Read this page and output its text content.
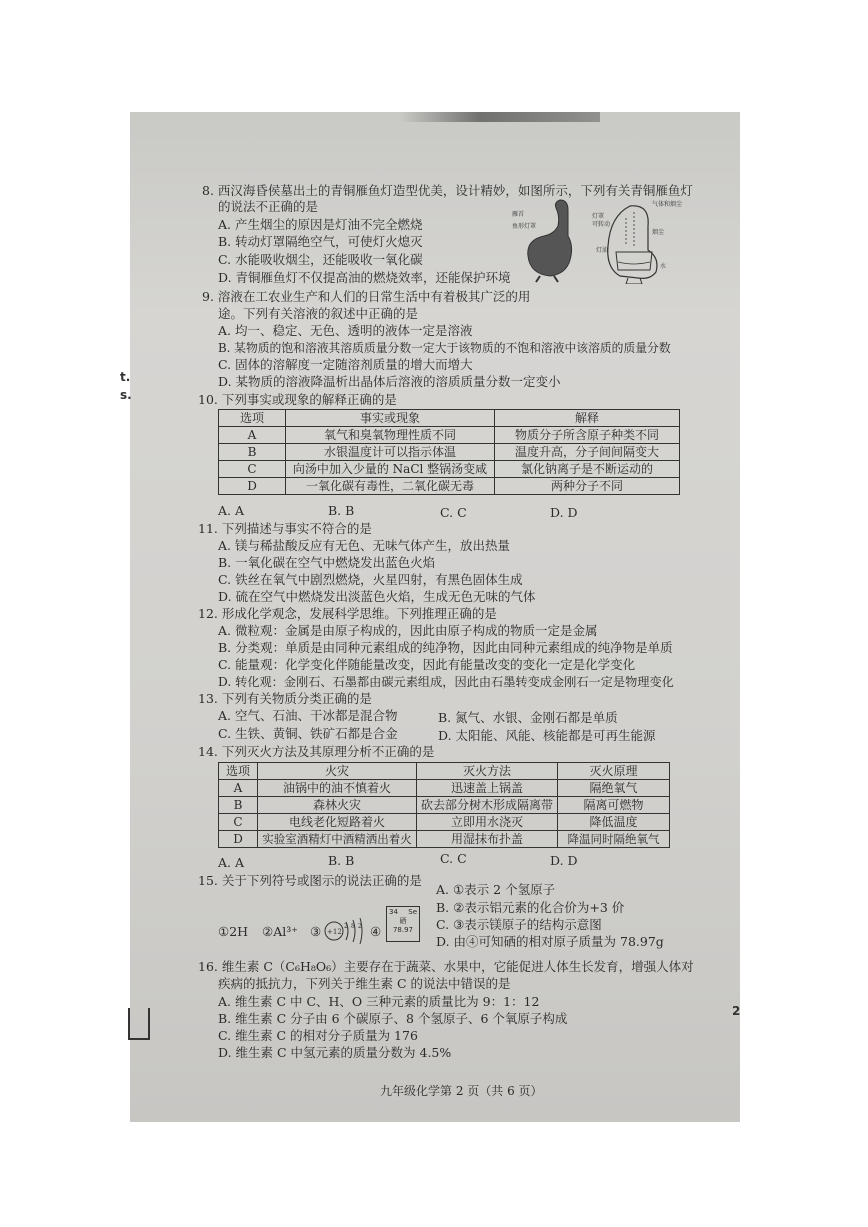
t.
s.
2
8. 西汉海昏侯墓出土的青铜雁鱼灯造型优美，设计精妙，如图所示，下列有关青铜雁鱼灯
的说法不正确的是
A. 产生烟尘的原因是灯油不完全燃烧
B. 转动灯罩隔绝空气，可使灯火熄灭
C. 水能吸收烟尘，还能吸收一氧化碳
D. 青铜雁鱼灯不仅提高油的燃烧效率，还能保护环境
雁首
鱼形灯罩
灯罩
可转动
气体和烟尘
烟尘
灯油
水
9. 溶液在工农业生产和人们的日常生活中有着极其广泛的用
途。下列有关溶液的叙述中正确的是
A. 均一、稳定、无色、透明的液体一定是溶液
B. 某物质的饱和溶液其溶质质量分数一定大于该物质的不饱和溶液中该溶质的质量分数
C. 固体的溶解度一定随溶剂质量的增大而增大
D. 某物质的溶液降温析出晶体后溶液的溶质质量分数一定变小
10. 下列事实或现象的解释正确的是
选项	事实或现象	解释
A	氧气和臭氧物理性质不同	物质分子所含原子种类不同
B	水银温度计可以指示体温	温度升高，分子间间隔变大
C	向汤中加入少量的 NaCl 整锅汤变咸	氯化钠离子是不断运动的
D	一氧化碳有毒性，二氧化碳无毒	两种分子不同
A. A	B. B	C. C	D. D
11. 下列描述与事实不符合的是
A. 镁与稀盐酸反应有无色、无味气体产生，放出热量
B. 一氧化碳在空气中燃烧发出蓝色火焰
C. 铁丝在氧气中剧烈燃烧，火星四射，有黑色固体生成
D. 硫在空气中燃烧发出淡蓝色火焰，生成无色无味的气体
12. 形成化学观念，发展科学思维。下列推理正确的是
A. 微粒观：金属是由原子构成的，因此由原子构成的物质一定是金属
B. 分类观：单质是由同种元素组成的纯净物，因此由同种元素组成的纯净物是单质
C. 能量观：化学变化伴随能量改变，因此有能量改变的变化一定是化学变化
D. 转化观：金刚石、石墨都由碳元素组成，因此由石墨转变成金刚石一定是物理变化
13. 下列有关物质分类正确的是
A. 空气、石油、干冰都是混合物	B. 氮气、水银、金刚石都是单质
C. 生铁、黄铜、铁矿石都是合金	D. 太阳能、风能、核能都是可再生能源
14. 下列灭火方法及其原理分析不正确的是
选项	火灾	灭火方法	灭火原理
A	油锅中的油不慎着火	迅速盖上锅盖	隔绝氧气
B	森林火灾	砍去部分树木形成隔离带	隔离可燃物
C	电线老化短路着火	立即用水浇灭	降低温度
D	实验室酒精灯中酒精洒出着火	用湿抹布扑盖	降温同时隔绝氧气
A. A	B. B	C. C	D. D
15. 关于下列符号或图示的说法正确的是
A. ①表示 2 个氢原子
B. ②表示铝元素的化合价为+3 价
C. ③表示镁原子的结构示意图
D. 由④可知硒的相对原子质量为 78.97g
①2H ②Al³⁺ ③ +12
2 8 2 ④
34 Se
硒
78.97
16. 维生素 C（C₆H₈O₆）主要存在于蔬菜、水果中，它能促进人体生长发育，增强人体对
疾病的抵抗力，下列关于维生素 C 的说法中错误的是
A. 维生素 C 中 C、H、O 三种元素的质量比为 9：1：12
B. 维生素 C 分子由 6 个碳原子、8 个氢原子、6 个氧原子构成
C. 维生素 C 的相对分子质量为 176
D. 维生素 C 中氢元素的质量分数为 4.5%
九年级化学第 2 页（共 6 页）
